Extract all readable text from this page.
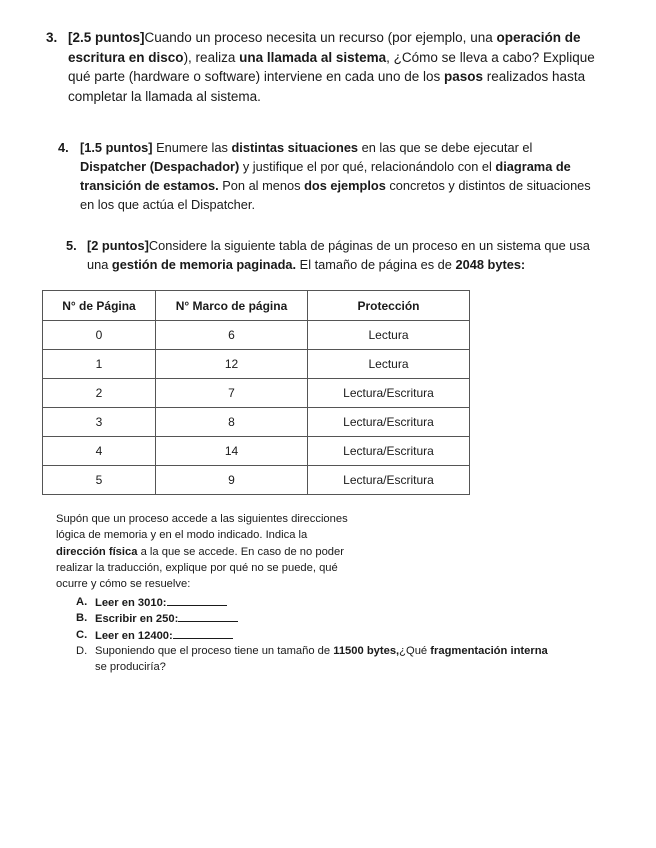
3. [2.5 puntos]Cuando un proceso necesita un recurso (por ejemplo, una operación de escritura en disco), realiza una llamada al sistema, ¿Cómo se lleva a cabo? Explique qué parte (hardware o software) interviene en cada uno de los pasos realizados hasta completar la llamada al sistema.
4. [1.5 puntos] Enumere las distintas situaciones en las que se debe ejecutar el Dispatcher (Despachador) y justifique el por qué, relacionándolo con el diagrama de transición de estamos. Pon al menos dos ejemplos concretos y distintos de situaciones en los que actúa el Dispatcher.
5. [2 puntos]Considere la siguiente tabla de páginas de un proceso en un sistema que usa una gestión de memoria paginada. El tamaño de página es de 2048 bytes:
N° de Página	N° Marco de página	Protección
0	6	Lectura
1	12	Lectura
2	7	Lectura/Escritura
3	8	Lectura/Escritura
4	14	Lectura/Escritura
5	9	Lectura/Escritura
Supón que un proceso accede a las siguientes direcciones
lógica de memoria y en el modo indicado. Indica la
dirección física a la que se accede. En caso de no poder
realizar la traducción, explique por qué no se puede, qué
ocurre y cómo se resuelve:
A. Leer en 3010:
B. Escribir en 250:
C. Leer en 12400:
D. Suponiendo que el proceso tiene un tamaño de 11500 bytes,¿Qué fragmentación interna se produciría?
